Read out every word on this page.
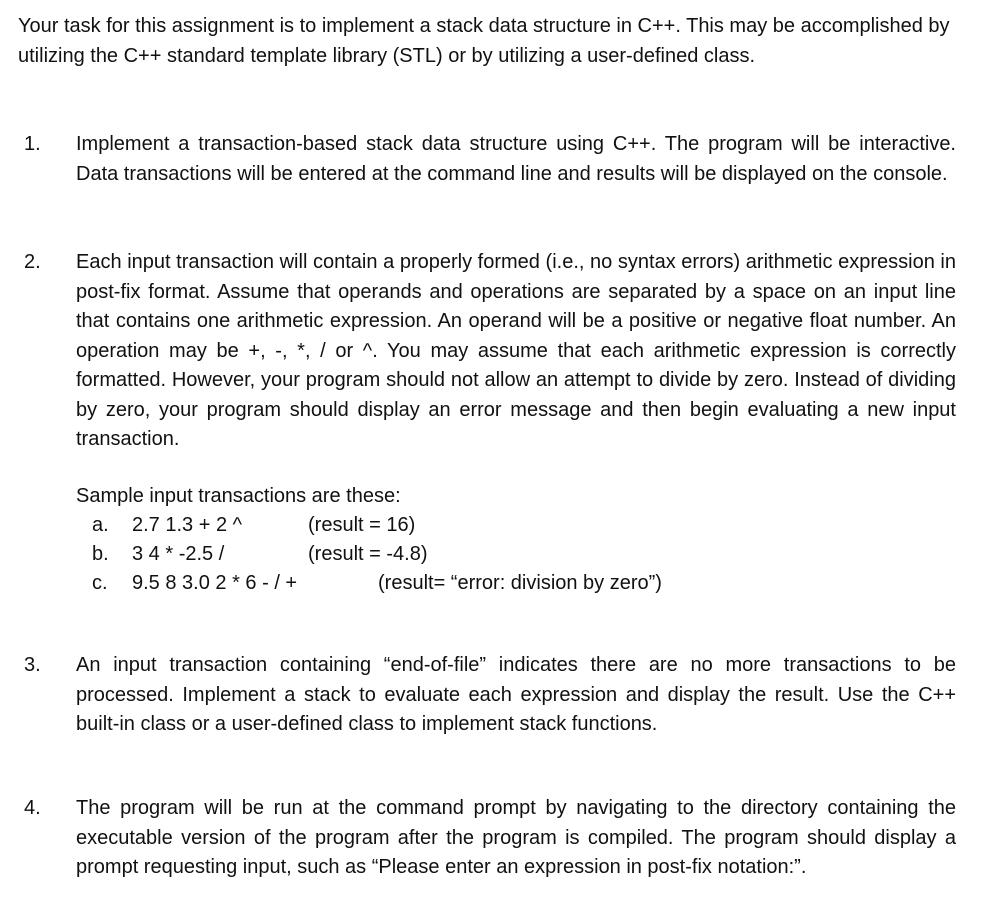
Your task for this assignment is to implement a stack data structure in C++. This may be accomplished by utilizing the C++ standard template library (STL) or by utilizing a user-defined class.

1. Implement a transaction-based stack data structure using C++. The program will be interactive. Data transactions will be entered at the command line and results will be displayed on the console.

2. Each input transaction will contain a properly formed (i.e., no syntax errors) arithmetic expression in post-fix format. Assume that operands and operations are separated by a space on an input line that contains one arithmetic expression. An operand will be a positive or negative float number. An operation may be +, -, *, / or ^. You may assume that each arithmetic expression is correctly formatted. However, your program should not allow an attempt to divide by zero. Instead of dividing by zero, your program should display an error message and then begin evaluating a new input transaction.

Sample input transactions are these:

a. 2.7 1.3 + 2 ^	(result = 16)
b. 3 4 * -2.5 /	(result = -4.8)
c. 9.5 8 3.0 2 * 6 - / +	(result= “error: division by zero”)
3. An input transaction containing “end-of-file” indicates there are no more transactions to be processed. Implement a stack to evaluate each expression and display the result. Use the C++ built-in class or a user-defined class to implement stack functions.

4. The program will be run at the command prompt by navigating to the directory containing the executable version of the program after the program is compiled. The program should display a prompt requesting input, such as “Please enter an expression in post-fix notation:”.
